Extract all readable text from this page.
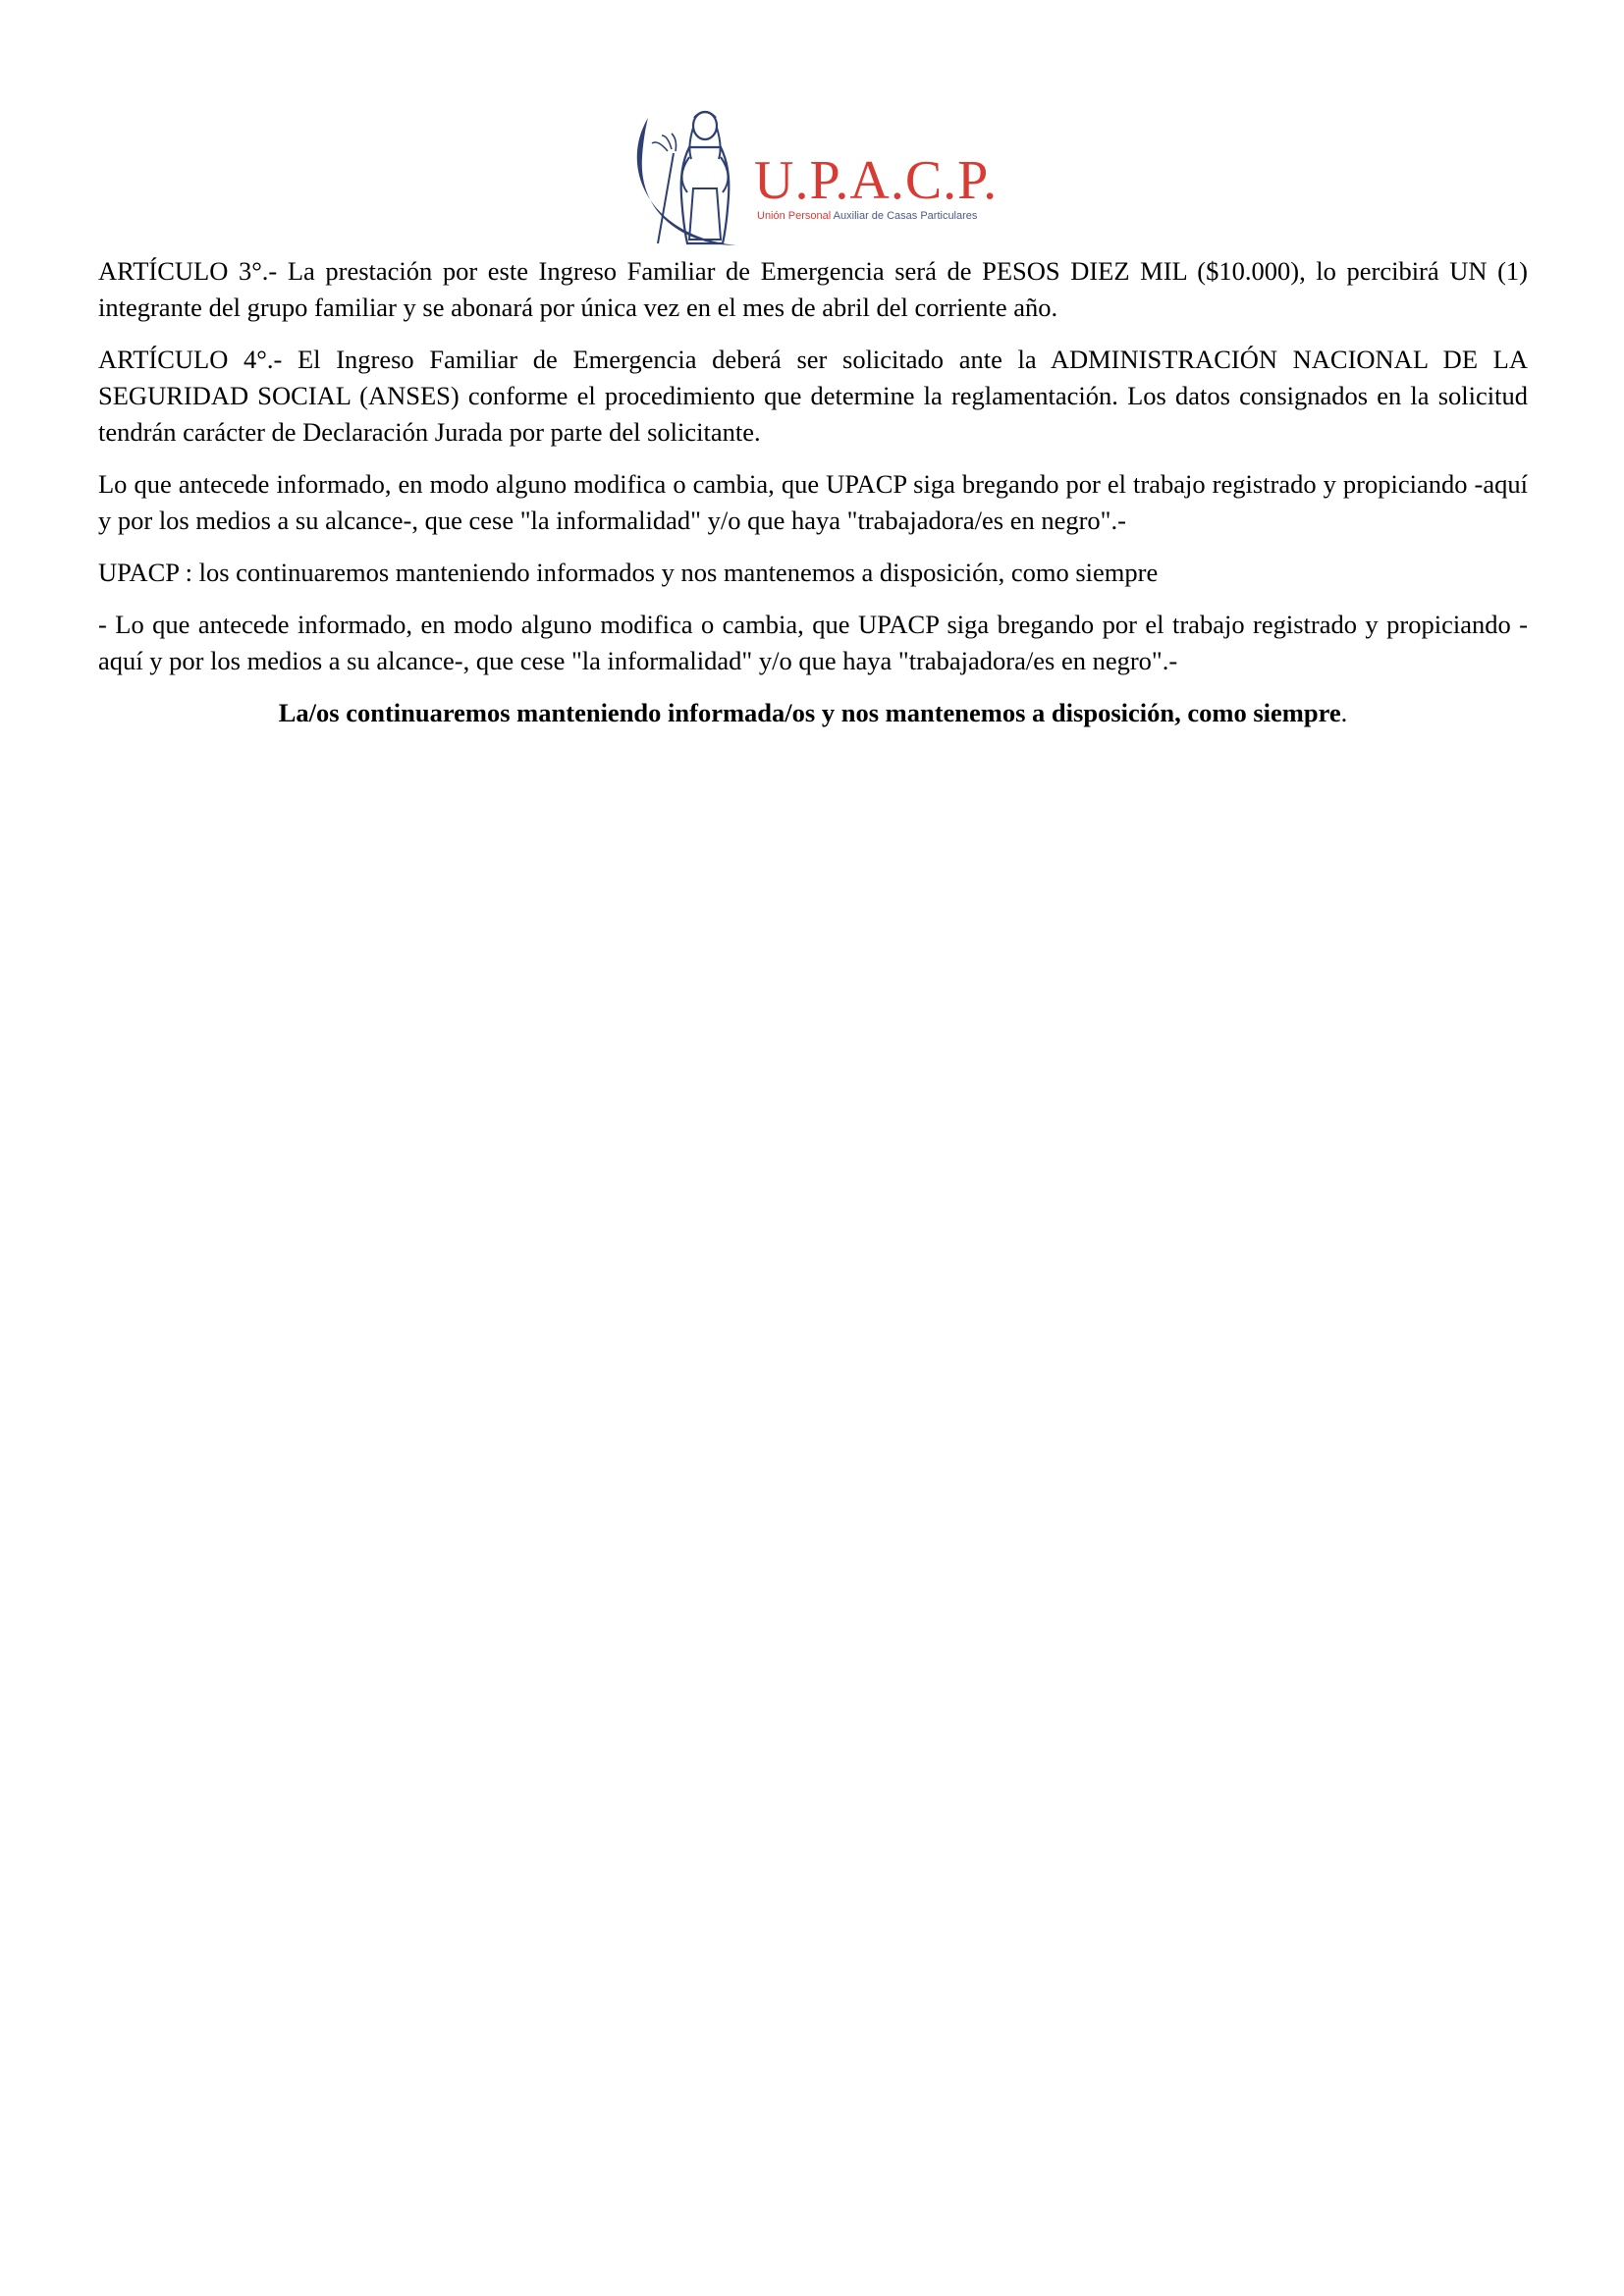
U.P.A.C.P.
Unión Personal Auxiliar de Casas Particulares

ARTÍCULO 3°.- La prestación por este Ingreso Familiar de Emergencia será de PESOS DIEZ MIL ($10.000), lo percibirá UN (1) integrante del grupo familiar y se abonará por única vez en el mes de abril del corriente año.

ARTÍCULO 4°.- El Ingreso Familiar de Emergencia deberá ser solicitado ante la ADMINISTRACIÓN NACIONAL DE LA SEGURIDAD SOCIAL (ANSES) conforme el procedimiento que determine la reglamentación. Los datos consignados en la solicitud tendrán carácter de Declaración Jurada por parte del solicitante.

Lo que antecede informado, en modo alguno modifica o cambia, que UPACP siga bregando por el trabajo registrado y propiciando -aquí y por los medios a su alcance-, que cese "la informalidad" y/o que haya "trabajadora/es en negro".-

UPACP : los continuaremos manteniendo informados y nos mantenemos a disposición, como siempre

- Lo que antecede informado, en modo alguno modifica o cambia, que UPACP siga bregando por el trabajo registrado y propiciando -aquí y por los medios a su alcance-, que cese "la informalidad" y/o que haya "trabajadora/es en negro".-

La/os continuaremos manteniendo informada/os y nos mantenemos a disposición, como siempre.
